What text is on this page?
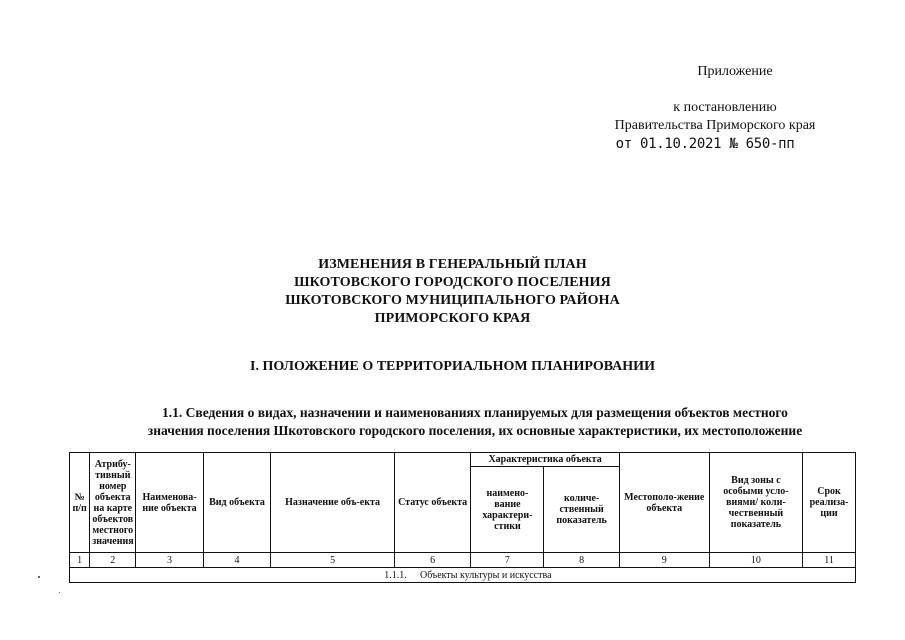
Приложение
к постановлению
Правительства Приморского края
от 01.10.2021 № 650-пп
ИЗМЕНЕНИЯ В ГЕНЕРАЛЬНЫЙ ПЛАН
ШКОТОВСКОГО ГОРОДСКОГО ПОСЕЛЕНИЯ
ШКОТОВСКОГО МУНИЦИПАЛЬНОГО РАЙОНА
ПРИМОРСКОГО КРАЯ
I. ПОЛОЖЕНИЕ О ТЕРРИТОРИАЛЬНОМ ПЛАНИРОВАНИИ
1.1. Сведения о видах, назначении и наименованиях планируемых для размещения объектов местного
значения поселения Шкотовского городского поселения, их основные характеристики, их местоположение
№ п/п	Атрибу-тивный номер объекта на карте объектов местного значения	Наименова-ние объекта	Вид объекта	Назначение объ-екта	Статус объекта	Характеристика объекта		Местополо-жение объекта	Вид зоны с особыми усло-виями/ коли-чественный показатель	Срок реализа-ции
						наимено-вание характери-стики	количе-ственный показатель			
1	2	3	4	5	6	7	8	9	10	11
1.1.1. Объекты культуры и искусства										
